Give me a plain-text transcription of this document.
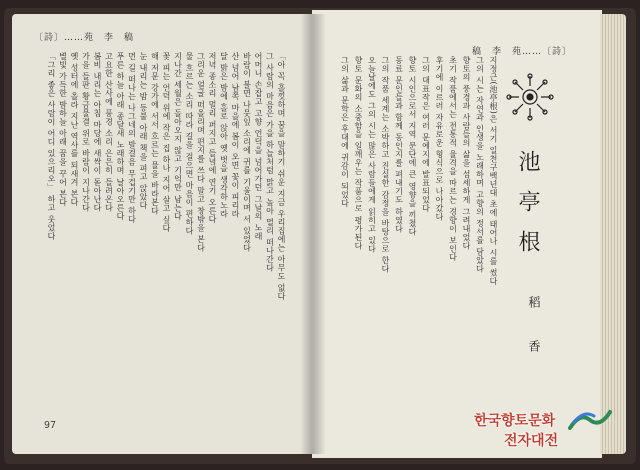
〔詩〕……苑　李　稿
稿　李　苑……〔詩〕
97
「아 꼭 흘낏하며 꿈을 말하기 쉬운 지금 우리집에는 아무도 없다
그 사람의 마음은 가을 하늘처럼 맑고 높아 멀리 떠나간다
어머니 손잡고 고향 언덕을 넘어가던 그날의 노래
바람이 불면 나뭇잎 소리에 귀를 기울이며 서 있었다
산 넘어 남쪽 마을에 봄이 오면 꽃이 피리라
달 밝은 밤에 홀로 앉아 옛 벗을 생각하노라
저녁 종소리 멀리 퍼지고 들녘에 연기 오른다
그리운 얼굴 떠올리며 편지를 쓰다 말고 창밖을 본다
물 흐르는 소리 따라 길을 걸으면 마음이 편하다
지나간 세월은 돌아오지 않고 기억만 남는다
꽃 피는 언덕 위에 작은 집 하나 지어 살고 싶다
해 저문 강가에 서서 흐르는 물을 바라본다
눈 내리는 밤 등불 아래 책을 펴고 앉았다
먼 길 떠나는 나그네의 발걸음 무겁기만 하다
푸른 하늘 아래 종달새 노래하며 날아오른다
고요한 산사에 풍경 소리 은은히 들려온다
봄비 내리는 아침 마당에 새싹이 돋아난다
가을 들판 황금물결 위로 바람이 지나간다
옛 성터에 올라 지난 역사를 되새겨 본다
별빛 가득한 밤하늘 아래 꿈을 꾸어 본다
「그리 좋은 사람이 어디 있으리오」 하고 웃었다	지정근(池亭根)은 서기 일천구백년대 초에 태어나 시를 썼다
그의 시는 자연과 인생을 노래하며 고향의 정서를 담았다
향토의 풍경과 사람들의 삶을 섬세하게 그려내었다
초기 작품에서는 전통적 율격을 따르는 경향이 보인다
후기에 이르러 자유로운 형식으로 나아갔다
그의 대표작은 여러 문예지에 발표되었다
향토 시인으로서 지역 문단에 큰 영향을 끼쳤다
동료 문인들과 함께 동인지를 펴내기도 하였다
그의 작품 세계는 소박하고 진실한 감정을 바탕으로 한다
오늘날에도 그의 시는 많은 사람들에게 읽히고 있다
향토 문화의 소중함을 일깨우는 작품으로 평가된다
그의 삶과 문학은 후대에 귀감이 되었다
池亭根
稻　香
한국향토문화
전자대전
